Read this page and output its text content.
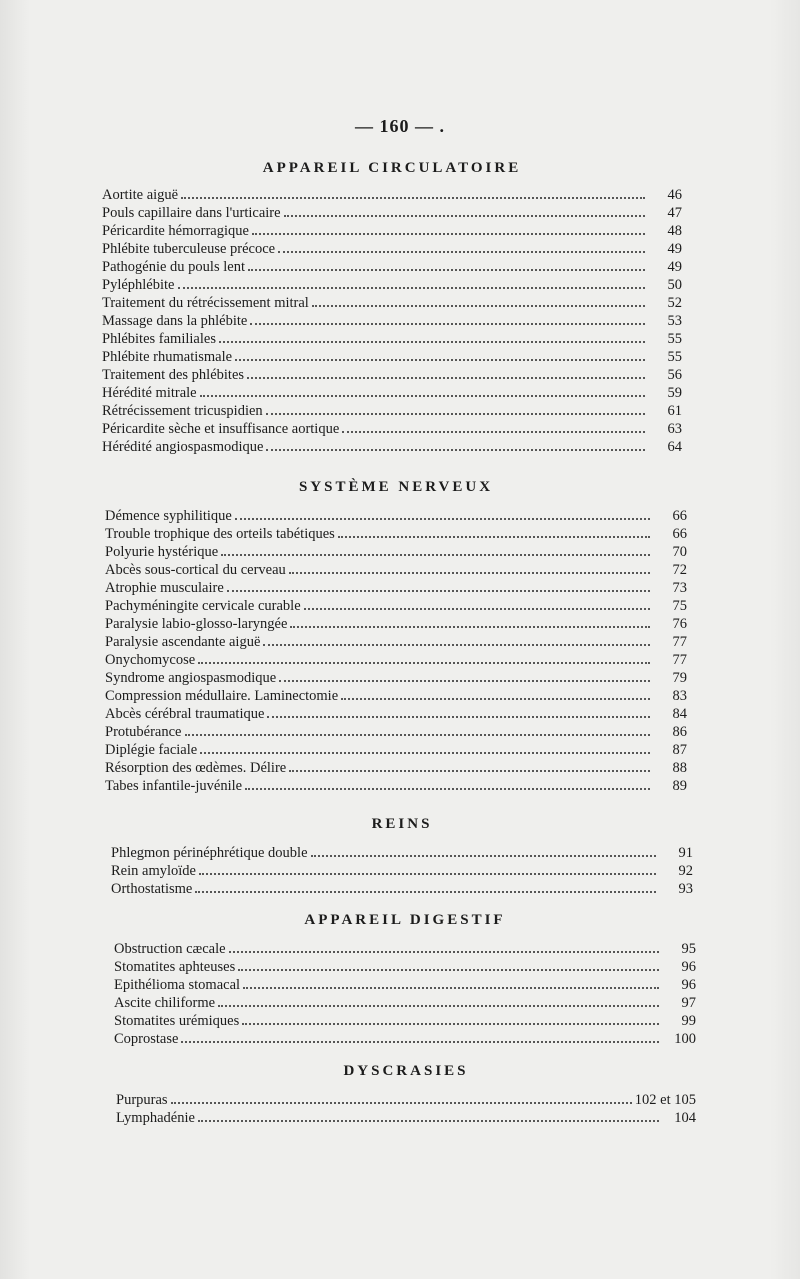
— 160 — .
APPAREIL CIRCULATOIRE
Aortite aiguë	46
Pouls capillaire dans l'urticaire	47
Péricardite hémorragique	48
Phlébite tuberculeuse précoce	49
Pathogénie du pouls lent	49
Pyléphlébite	50
Traitement du rétrécissement mitral	52
Massage dans la phlébite	53
Phlébites familiales	55
Phlébite rhumatismale	55
Traitement des phlébites	56
Hérédité mitrale	59
Rétrécissement tricuspidien	61
Péricardite sèche et insuffisance aortique	63
Hérédité angiospasmodique	64
SYSTÈME NERVEUX
Démence syphilitique	66
Trouble trophique des orteils tabétiques	66
Polyurie hystérique	70
Abcès sous-cortical du cerveau	72
Atrophie musculaire	73
Pachyméningite cervicale curable	75
Paralysie labio-glosso-laryngée	76
Paralysie ascendante aiguë	77
Onychomycose	77
Syndrome angiospasmodique	79
Compression médullaire. Laminectomie	83
Abcès cérébral traumatique	84
Protubérance	86
Diplégie faciale	87
Résorption des œdèmes. Délire	88
Tabes infantile-juvénile	89
REINS
Phlegmon périnéphrétique double	91
Rein amyloïde	92
Orthostatisme	93
APPAREIL DIGESTIF
Obstruction cæcale	95
Stomatites aphteuses	96
Epithélioma stomacal	96
Ascite chiliforme	97
Stomatites urémiques	99
Coprostase	100
DYSCRASIES
Purpuras	102 et 105
Lymphadénie	104
